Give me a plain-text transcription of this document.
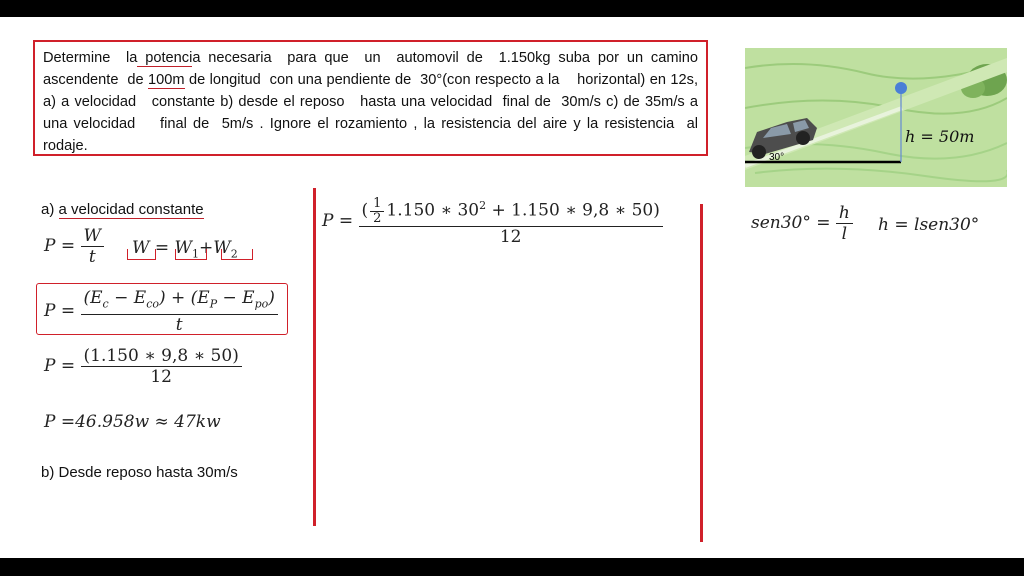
Determine  la potencia necesaria  para que  un  automovil de  1.150kg suba por un camino  ascendente  de 100m de longitud  con una pendiente de  30°(con respecto a la    horizontal) en 12s, a) a velocidad   constante b) desde el reposo   hasta una velocidad  final de  30m/s c) de 35m/s a una velocidad    final de  5m/s . Ignore el rozamiento , la resistencia del aire y la resistencia  al rodaje.
30°
h = 50m
a) a velocidad constante
$P = \frac{W}{t}$ $W = W_1+W_2$
$P = \frac{(E_c - E_{co}) + (E_P - E_{po})}{t}$
$P = \frac{(1.150 ∗ 9,8 ∗ 50)}{12}$
P =46.958w ≈ 47kw
b) Desde reposo hasta 30m/s
$P = \frac{( \frac{1}{2} 1.150 ∗ 30^2 + 1.150 ∗ 9,8 ∗ 50)}{12}$	$sen30^\circ = \frac{h}{l}$ h = lsen30°
